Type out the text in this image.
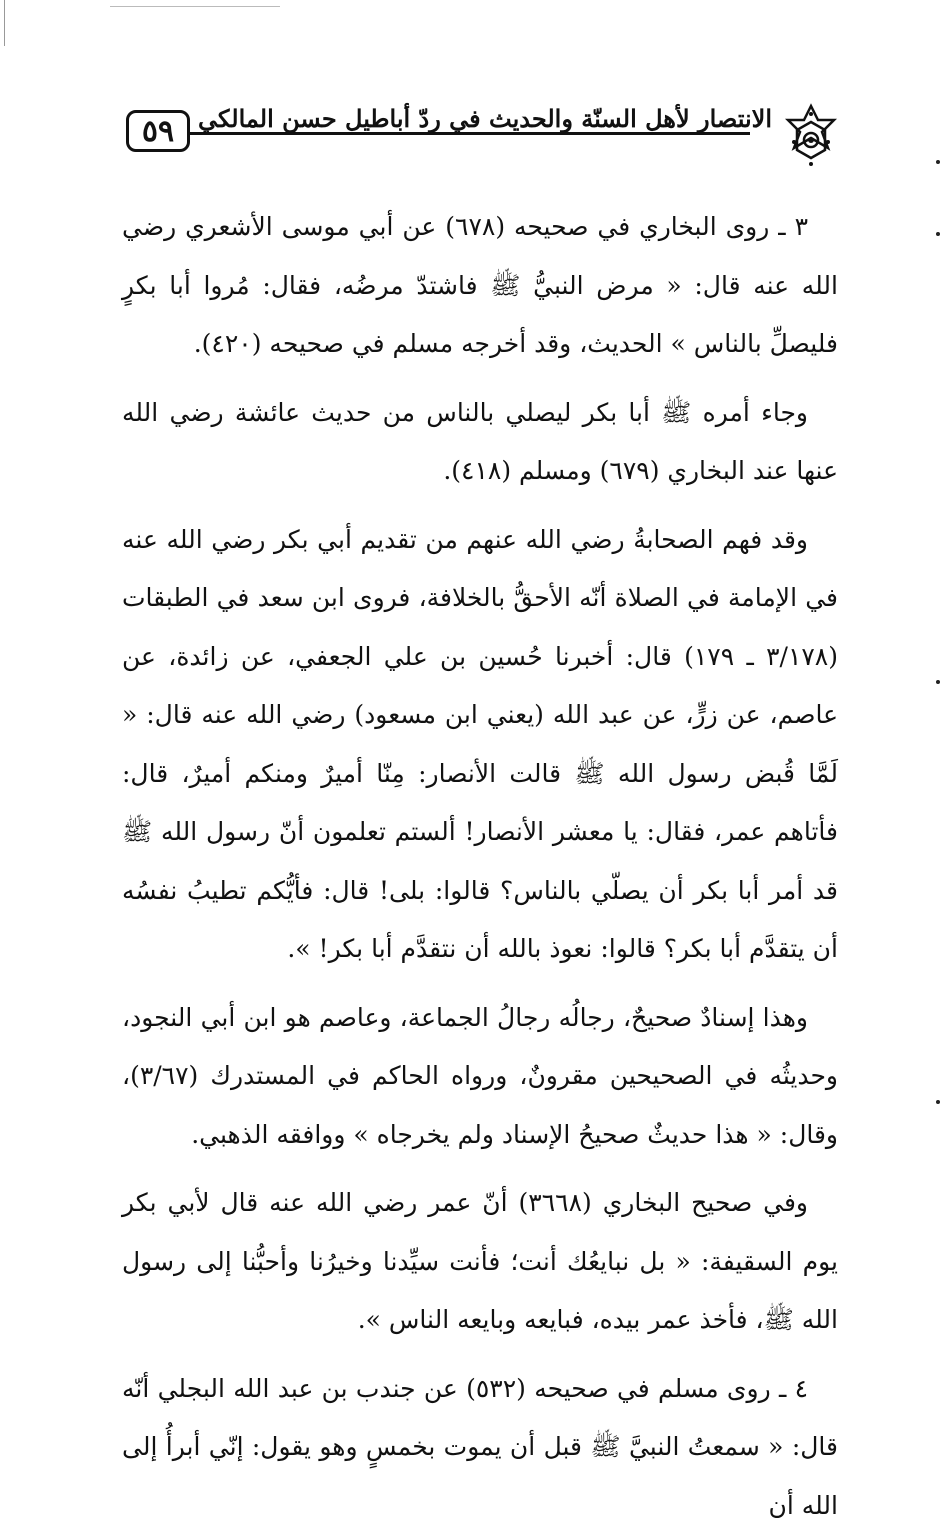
٥٩ الانتصار لأهل السنّة والحديث في ردّ أباطيل حسن المالكي

٣ ـ روى البخاري في صحيحه (٦٧٨) عن أبي موسى الأشعري رضي الله عنه قال: « مرض النبيُّ ﷺ فاشتدّ مرضُه، فقال: مُروا أبا بكرٍ فليصلِّ بالناس » الحديث، وقد أخرجه مسلم في صحيحه (٤٢٠).

وجاء أمره ﷺ أبا بكر ليصلي بالناس من حديث عائشة رضي الله عنها عند البخاري (٦٧٩) ومسلم (٤١٨).

وقد فهم الصحابةُ رضي الله عنهم من تقديم أبي بكر رضي الله عنه في الإمامة في الصلاة أنّه الأحقُّ بالخلافة، فروى ابن سعد في الطبقات (٣/١٧٨ ـ ١٧٩) قال: أخبرنا حُسين بن علي الجعفي، عن زائدة، عن عاصم، عن زرٍّ، عن عبد الله (يعني ابن مسعود) رضي الله عنه قال: « لَمَّا قُبض رسول الله ﷺ قالت الأنصار: مِنّا أميرٌ ومنكم أميرٌ، قال: فأتاهم عمر، فقال: يا معشر الأنصار! ألستم تعلمون أنّ رسول الله ﷺ قد أمر أبا بكر أن يصلّي بالناس؟ قالوا: بلى! قال: فأيُّكم تطيبُ نفسُه أن يتقدَّم أبا بكر؟ قالوا: نعوذ بالله أن نتقدَّم أبا بكر! ».

وهذا إسنادٌ صحيحٌ، رجالُه رجالُ الجماعة، وعاصم هو ابن أبي النجود، وحديثُه في الصحيحين مقرونٌ، ورواه الحاكم في المستدرك (٣/٦٧)، وقال: « هذا حديثٌ صحيحُ الإسناد ولم يخرجاه » ووافقه الذهبي.

وفي صحيح البخاري (٣٦٦٨) أنّ عمر رضي الله عنه قال لأبي بكر يوم السقيفة: « بل نبايعُك أنت؛ فأنت سيِّدنا وخيرُنا وأحبُّنا إلى رسول الله ﷺ، فأخذ عمر بيده، فبايعه وبايعه الناس ».

٤ ـ روى مسلم في صحيحه (٥٣٢) عن جندب بن عبد الله البجلي أنّه قال: « سمعتُ النبيَّ ﷺ قبل أن يموت بخمسٍ وهو يقول: إنّي أبرأُ إلى الله أن
